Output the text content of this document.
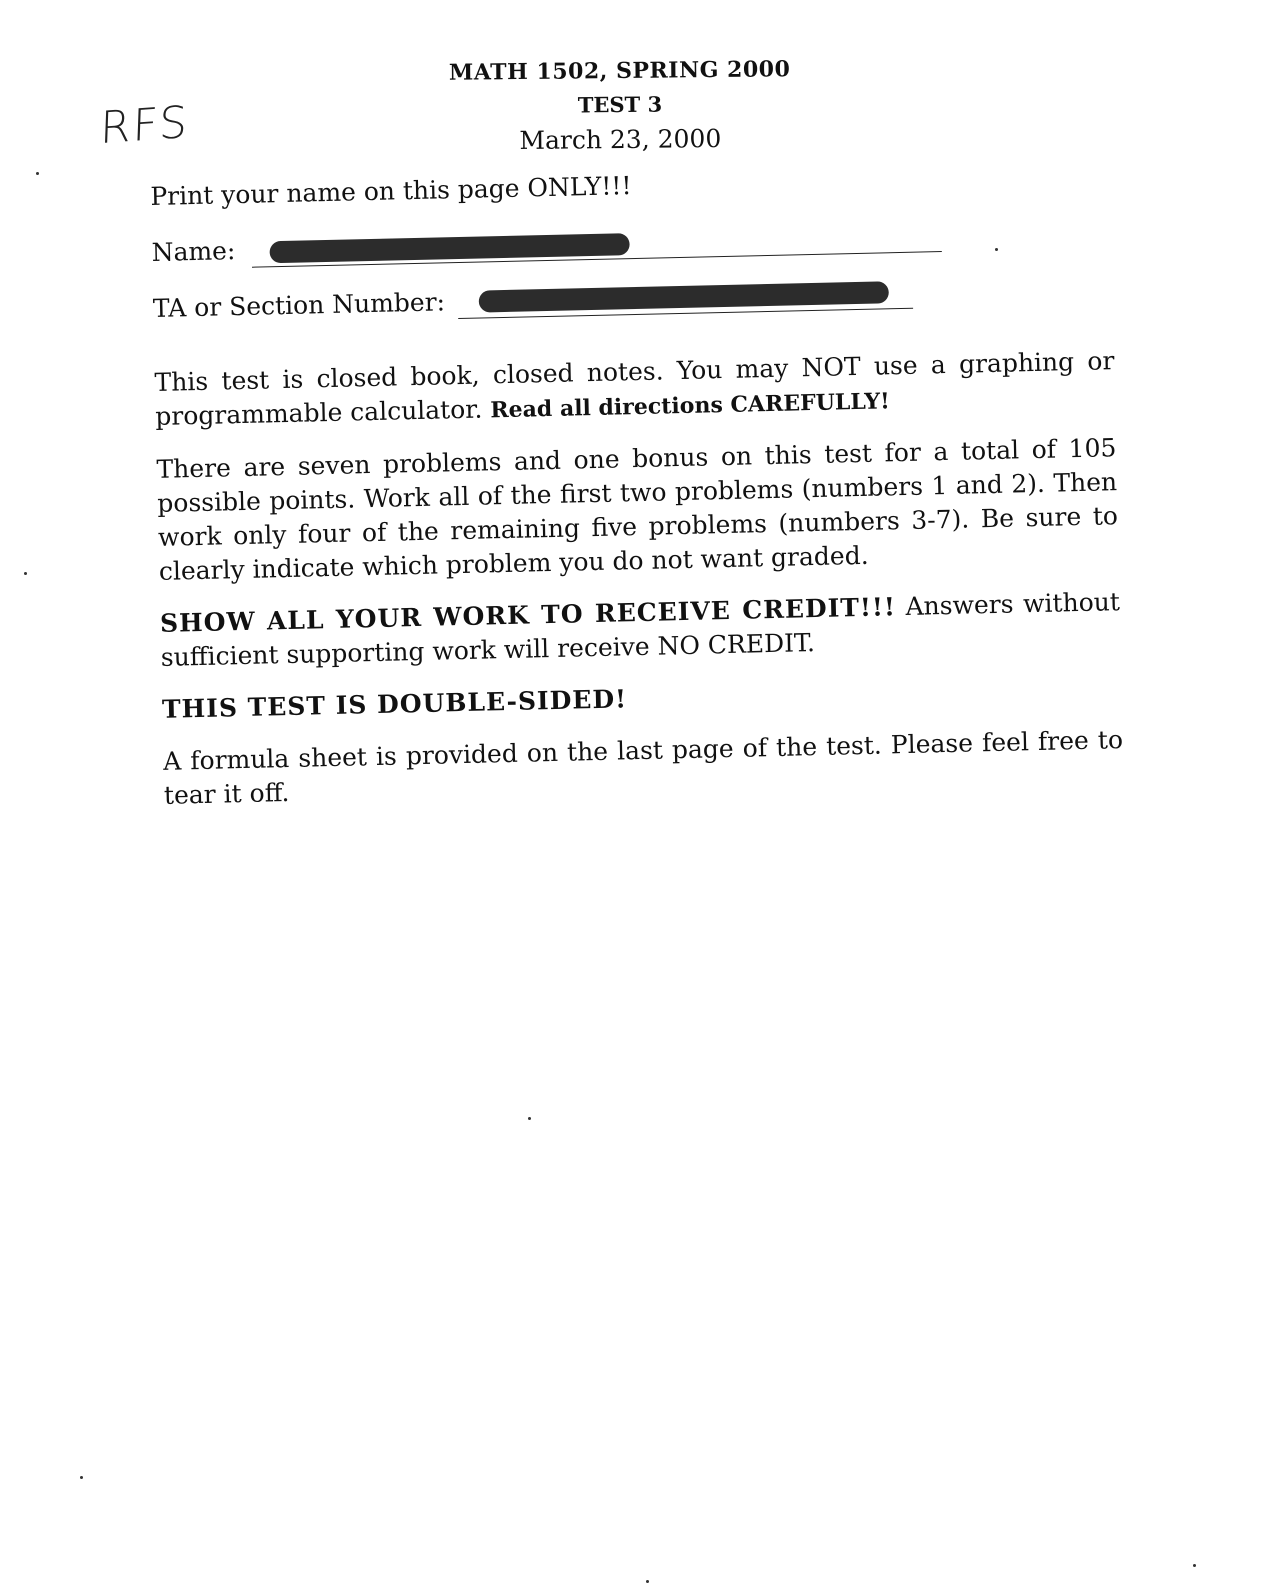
RFS
MATH 1502, SPRING 2000
TEST 3
March 23, 2000
Print your name on this page ONLY!!!
Name:
TA or Section Number:
This test is closed book, closed notes. You may NOT use a graphing or programmable calculator. Read all directions CAREFULLY!
There are seven problems and one bonus on this test for a total of 105 possible points. Work all of the first two problems (numbers 1 and 2). Then work only four of the remaining five problems (numbers 3-7). Be sure to clearly indicate which problem you do not want graded.
SHOW ALL YOUR WORK TO RECEIVE CREDIT!!! Answers without sufficient supporting work will receive NO CREDIT.
THIS TEST IS DOUBLE-SIDED!
A formula sheet is provided on the last page of the test. Please feel free to tear it off.
